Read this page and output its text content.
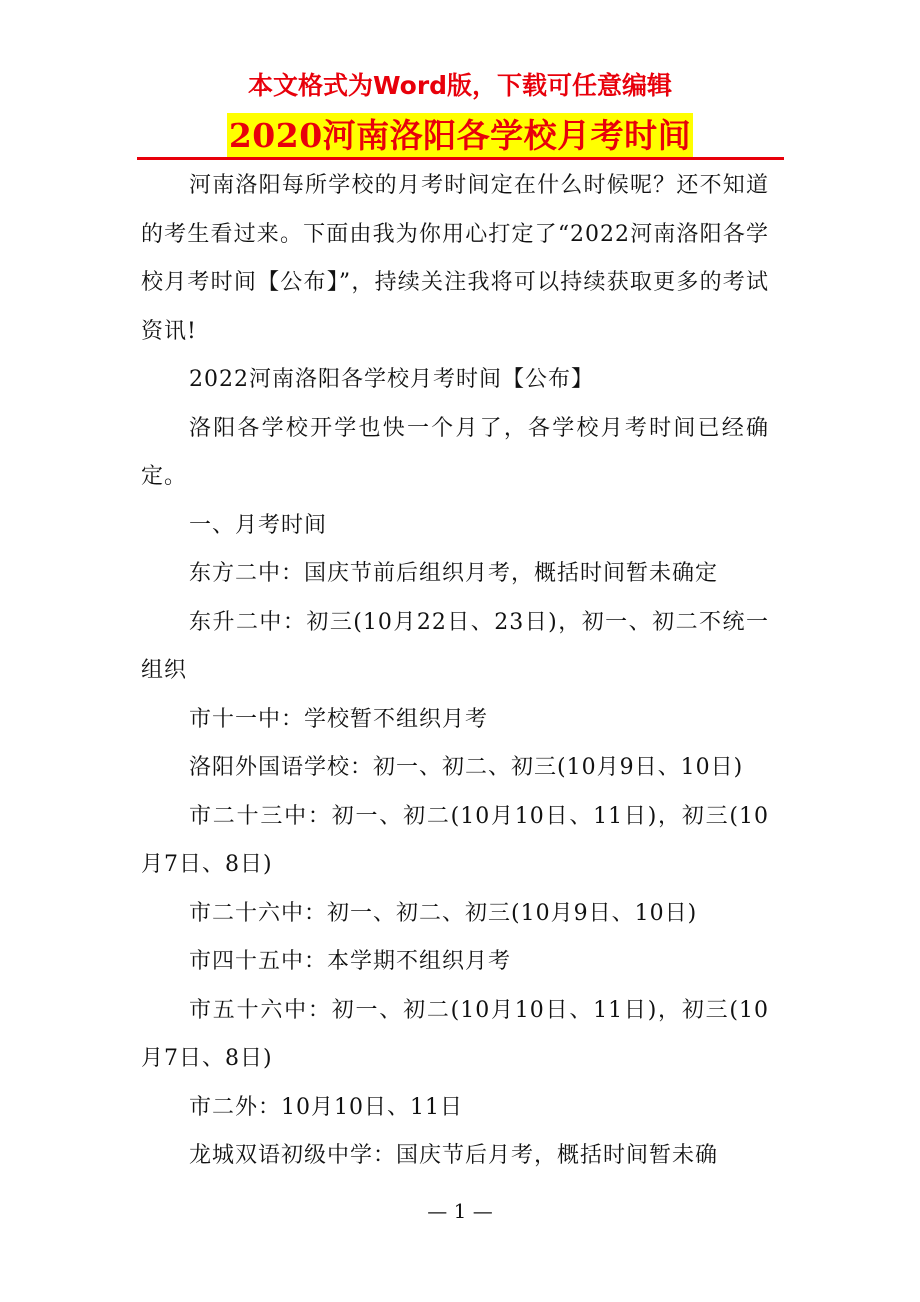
本文格式为Word版，下载可任意编辑
2020河南洛阳各学校月考时间

河南洛阳每所学校的月考时间定在什么时候呢？还不知道的考生看过来。下面由我为你用心打定了“2022河南洛阳各学校月考时间【公布】”，持续关注我将可以持续获取更多的考试资讯!

2022河南洛阳各学校月考时间【公布】

洛阳各学校开学也快一个月了，各学校月考时间已经确定。

一、月考时间

东方二中：国庆节前后组织月考，概括时间暂未确定

东升二中：初三(10月22日、23日)，初一、初二不统一组织

市十一中：学校暂不组织月考

洛阳外国语学校：初一、初二、初三(10月9日、10日)

市二十三中：初一、初二(10月10日、11日)，初三(10月7日、8日)

市二十六中：初一、初二、初三(10月9日、10日)

市四十五中：本学期不组织月考

市五十六中：初一、初二(10月10日、11日)，初三(10月7日、8日)

市二外：10月10日、11日

龙城双语初级中学：国庆节后月考，概括时间暂未确

— 1 —
